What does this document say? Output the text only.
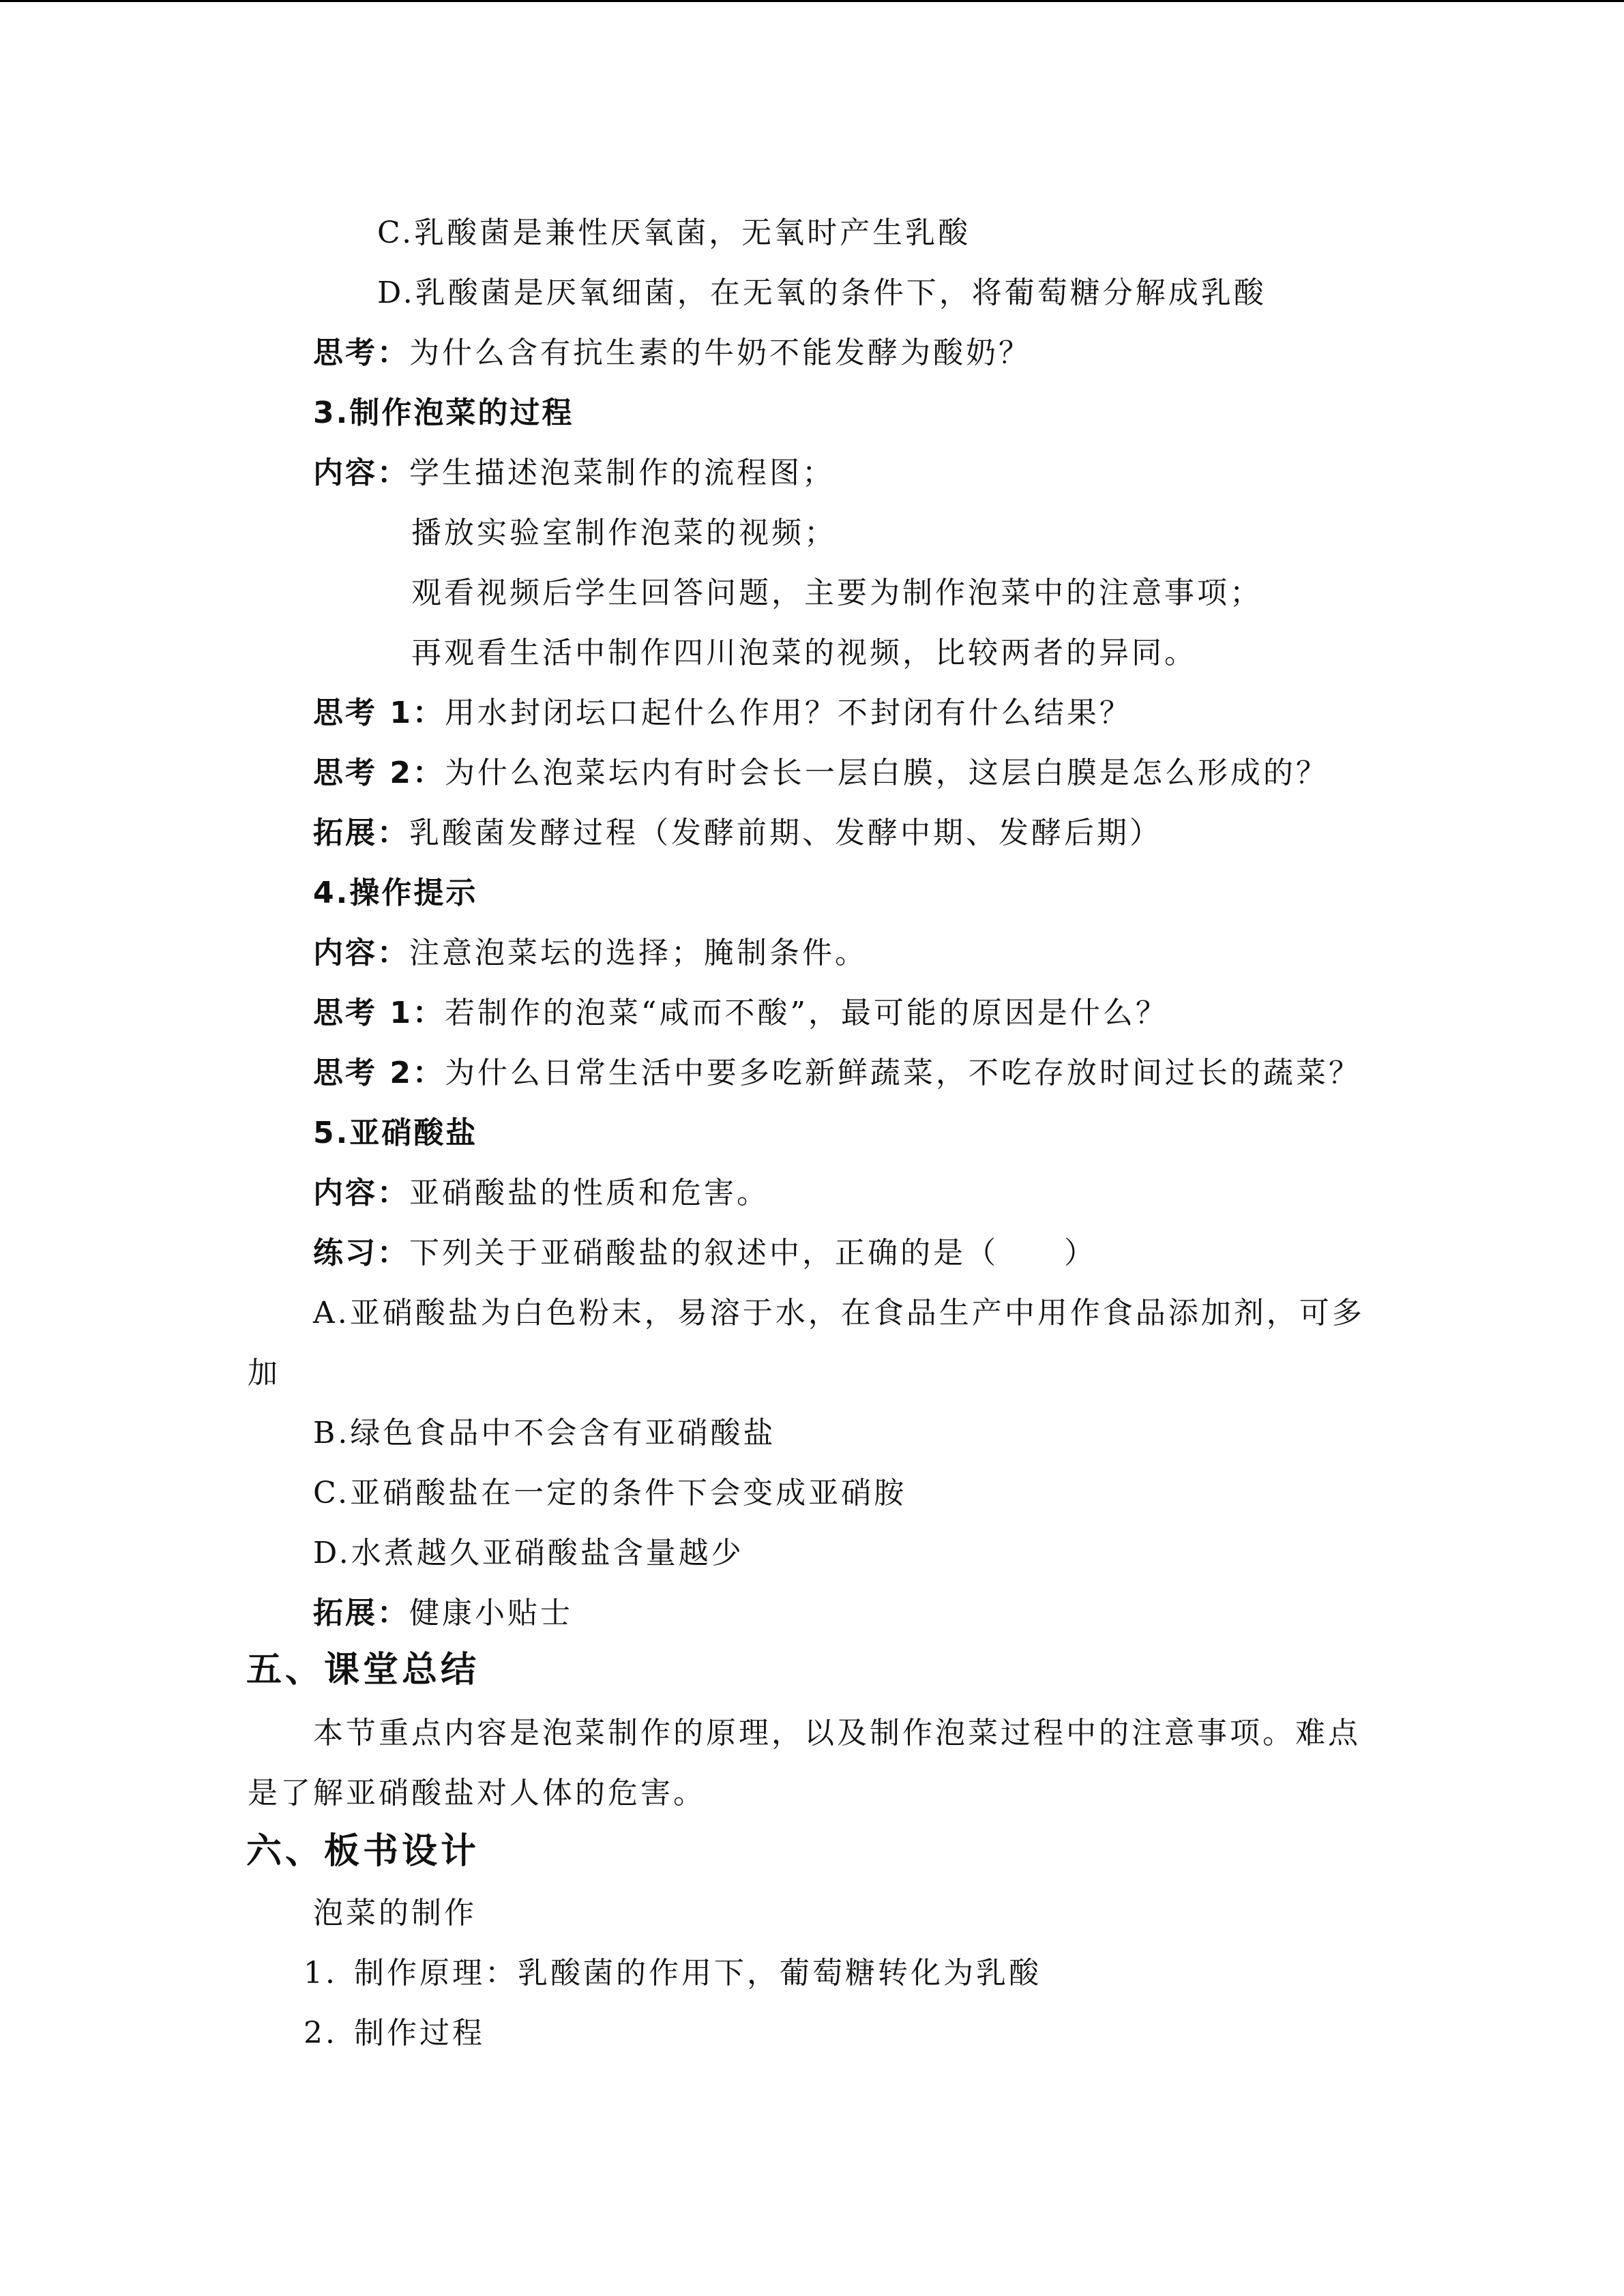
C.乳酸菌是兼性厌氧菌，无氧时产生乳酸
D.乳酸菌是厌氧细菌，在无氧的条件下，将葡萄糖分解成乳酸
思考：为什么含有抗生素的牛奶不能发酵为酸奶？
3.制作泡菜的过程
内容：学生描述泡菜制作的流程图；
播放实验室制作泡菜的视频；
观看视频后学生回答问题，主要为制作泡菜中的注意事项；
再观看生活中制作四川泡菜的视频，比较两者的异同。
思考 1：用水封闭坛口起什么作用？不封闭有什么结果？
思考 2：为什么泡菜坛内有时会长一层白膜，这层白膜是怎么形成的？
拓展：乳酸菌发酵过程（发酵前期、发酵中期、发酵后期）
4.操作提示
内容：注意泡菜坛的选择；腌制条件。
思考 1：若制作的泡菜“咸而不酸”，最可能的原因是什么？
思考 2：为什么日常生活中要多吃新鲜蔬菜，不吃存放时间过长的蔬菜？
5.亚硝酸盐
内容：亚硝酸盐的性质和危害。
练习：下列关于亚硝酸盐的叙述中，正确的是（　　）
A.亚硝酸盐为白色粉末，易溶于水，在食品生产中用作食品添加剂，可多
加
B.绿色食品中不会含有亚硝酸盐
C.亚硝酸盐在一定的条件下会变成亚硝胺
D.水煮越久亚硝酸盐含量越少
拓展：健康小贴士
五、课堂总结
本节重点内容是泡菜制作的原理，以及制作泡菜过程中的注意事项。难点
是了解亚硝酸盐对人体的危害。
六、板书设计
泡菜的制作
1. 制作原理：乳酸菌的作用下，葡萄糖转化为乳酸
2. 制作过程
